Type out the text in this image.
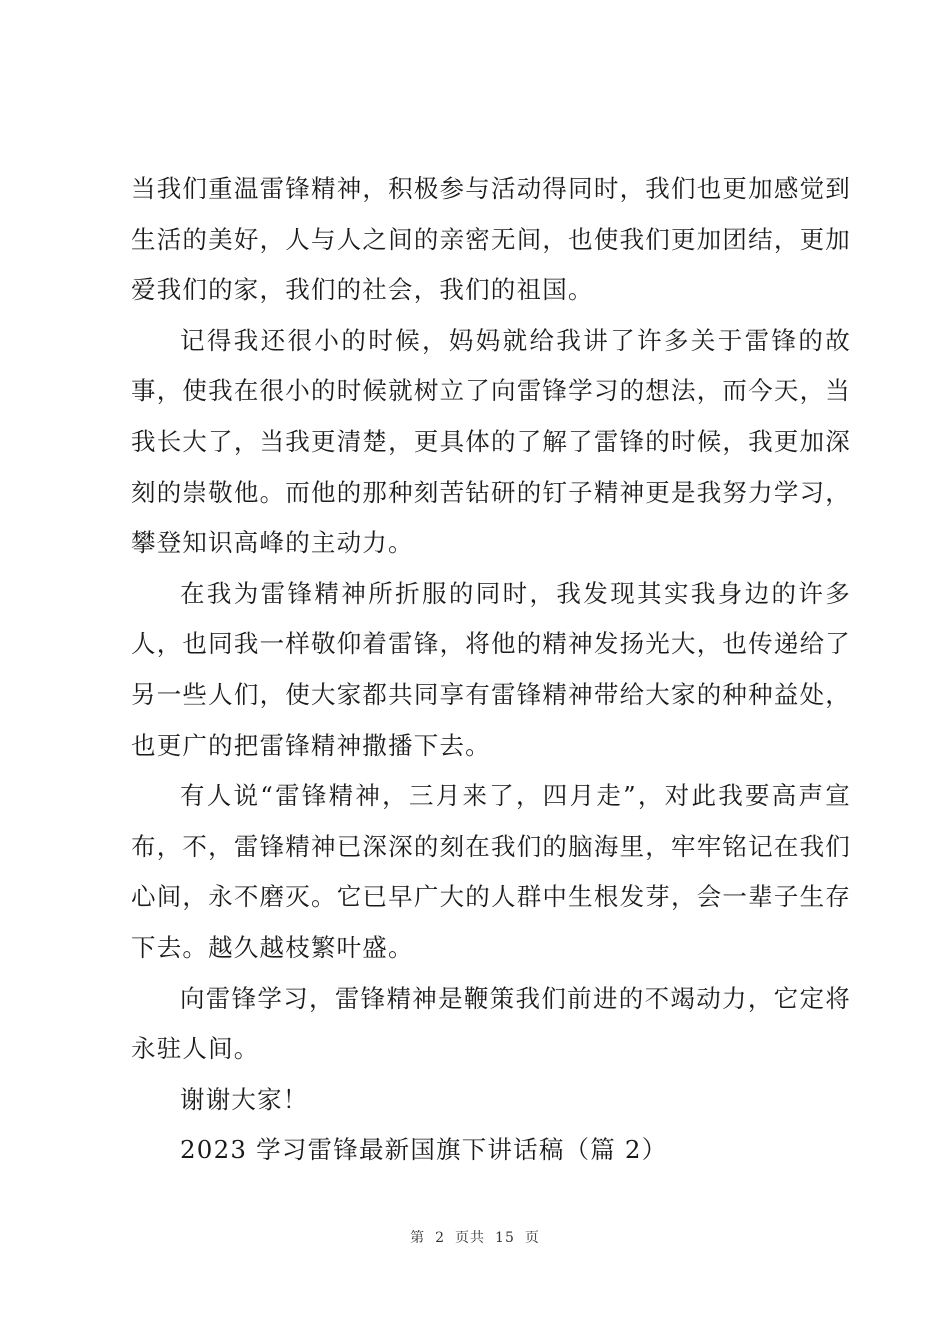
当我们重温雷锋精神，积极参与活动得同时，我们也更加感觉到生活的美好，人与人之间的亲密无间，也使我们更加团结，更加爱我们的家，我们的社会，我们的祖国。

记得我还很小的时候，妈妈就给我讲了许多关于雷锋的故事，使我在很小的时候就树立了向雷锋学习的想法，而今天，当我长大了，当我更清楚，更具体的了解了雷锋的时候，我更加深刻的崇敬他。而他的那种刻苦钻研的钉子精神更是我努力学习，攀登知识高峰的主动力。

在我为雷锋精神所折服的同时，我发现其实我身边的许多人，也同我一样敬仰着雷锋，将他的精神发扬光大，也传递给了另一些人们，使大家都共同享有雷锋精神带给大家的种种益处，也更广的把雷锋精神撒播下去。

有人说“雷锋精神，三月来了，四月走”，对此我要高声宣布，不，雷锋精神已深深的刻在我们的脑海里，牢牢铭记在我们心间，永不磨灭。它已早广大的人群中生根发芽，会一辈子生存下去。越久越枝繁叶盛。

向雷锋学习，雷锋精神是鞭策我们前进的不竭动力，它定将永驻人间。

谢谢大家！

2023 学习雷锋最新国旗下讲话稿（篇 2）

第 2 页共 15 页
